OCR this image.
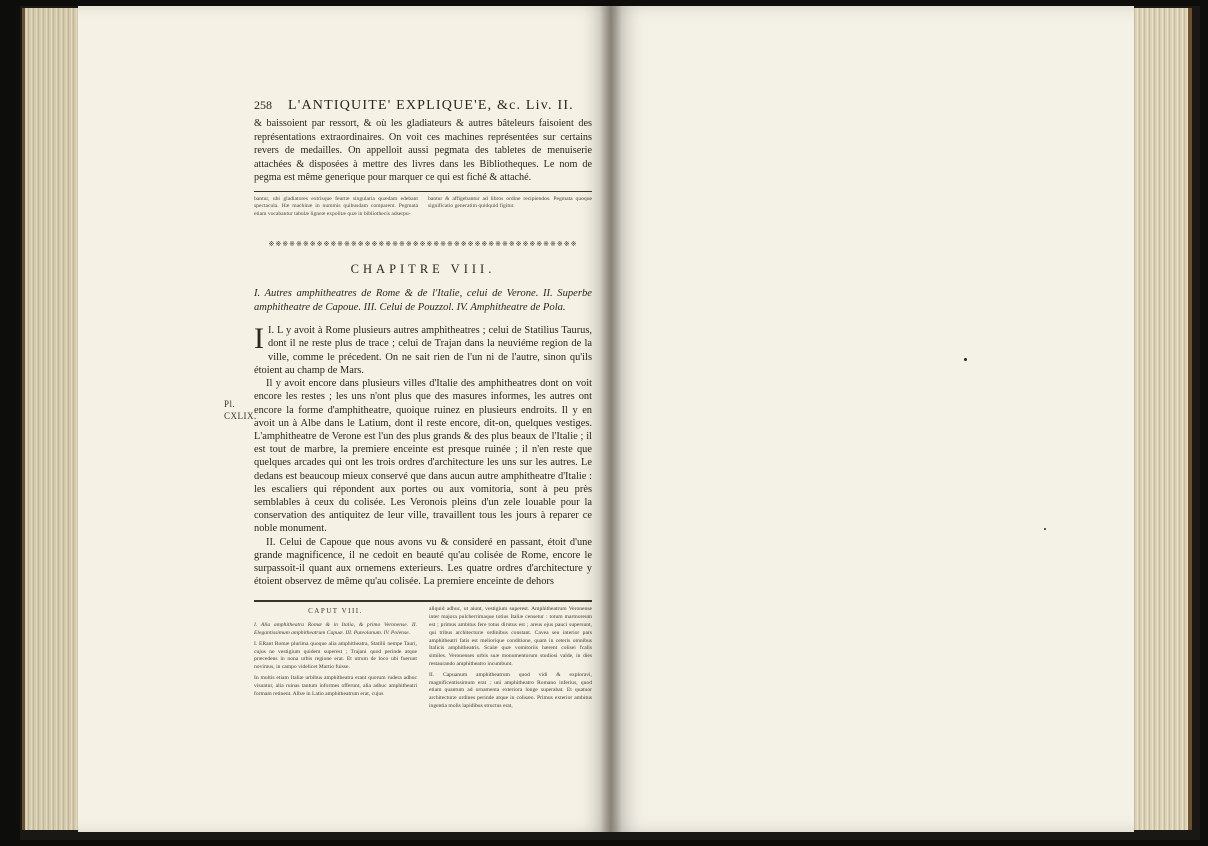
Pl.
CXLIX.
258 L'ANTIQUITE' EXPLIQUE'E, &c. Liv. II.

& baissoient par ressort, & où les gladiateurs & autres bâteleurs faisoient des représentations extraordinaires. On voit ces machines représentées sur certains revers de medailles. On appelloit aussi pegmata des tabletes de menuiserie attachées & disposées à mettre des livres dans les Bibliotheques. Le nom de pegma est même generique pour marquer ce qui est fiché & attaché.

bantur, ubi gladiatores extrisque feurtæ singularia quædam edebant spectacula. Hæ machinæ in nummis quibusdam comparent. Pegmata etiam vocabantur tabulæ ligneæ expolitæ quæ in bibliothecis adserpu-
bantur & affigebantur ad libros ordine recipiendos. Pegmata quoque significatio generatim quidquid figitur.
※※※※※※※※※※※※※※※※※※※※※※※※※※※※※※※※※※※※※※※※※※※※※
CHAPITRE VIII.
I. Autres amphitheatres de Rome & de l'Italie, celui de Verone. II. Superbe amphitheatre de Capoue. III. Celui de Pouzzol. IV. Amphitheatre de Pola.

I.
I L y avoit à Rome plusieurs autres amphitheatres ; celui de Statilius Taurus, dont il ne reste plus de trace ; celui de Trajan dans la neuviéme region de la ville, comme le précedent. On ne sait rien de l'un ni de l'autre, sinon qu'ils étoient au champ de Mars.

Il y avoit encore dans plusieurs villes d'Italie des amphitheatres dont on voit encore les restes ; les uns n'ont plus que des masures informes, les autres ont encore la forme d'amphitheatre, quoique ruinez en plusieurs endroits. Il y en avoit un à Albe dans le Latium, dont il reste encore, dit-on, quelques vestiges. L'amphitheatre de Verone est l'un des plus grands & des plus beaux de l'Italie ; il est tout de marbre, la premiere enceinte est presque ruinée ; il n'en reste que quelques arcades qui ont les trois ordres d'architecture les uns sur les autres. Le dedans est beaucoup mieux conservé que dans aucun autre amphitheatre d'Italie : les escaliers qui répondent aux portes ou aux vomitoria, sont à peu près semblables à ceux du colisée. Les Veronois pleins d'un zele louable pour la conservation des antiquitez de leur ville, travaillent tous les jours à reparer ce noble monument.

II. Celui de Capoue que nous avons vu & consideré en passant, étoit d'une grande magnificence, il ne cedoit en beauté qu'au colisée de Rome, encore le surpassoit-il quant aux ornemens exterieurs. Les quatre ordres d'architecture y étoient observez de même qu'au colisée. La premiere enceinte de dehors

CAPUT VIII.

I. Alia amphitheatra Romæ & in Italia, & primo Veronense. II. Elegantissimum amphitheatrum Capuæ. III. Puteolanum. IV. Polense.

I. ERant Romæ plurima quoque alia amphitheatra, Statilii nempe Tauri, cujus ne vestigium quidem superest ; Trajani quod perinde atque præcedens in nona urbis regione erat. Et utrum de loco ubi fuerunt novimus, in campo videlicet Martio fuisse.

In multis etiam Italiæ urbibus amphitheatra erant quorum rudera adhuc visuntur, alia ruinas tantum informes offerunt, alia adhuc amphitheatri formam retinent. Albæ in Latio amphitheatrum erat, cujus

aliquid adhuc, ut aiunt, vestigium superest. Amphitheatrum Veronense inter majora pulcherrimaque totius Italiæ censetur : totum marmoreum est ; primus ambitus fere totus dirutus est ; areus ejus pauci supersunt, qui tribus architecturæ ordinibus constant. Cavea seu interior pars amphitheatri fatis est meliorique conditione, quam in ceteris omnibus Italicis amphitheatris. Scalæ quæ vomitoriis hærent colisei fcalis similes. Veronenses urbis suæ monumentorum studiosi valde, in dies restaurando amphitheatro incumbunt.

II. Capuanum amphitheatrum quod vidi & exploravi, magnificentissimum erat ; uni amphitheatro Romano inferius, quod etiam quantum ad ornamenta exteriora longe superabat. Et quatuor architecturæ ordines perinde atque in colisæo. Primus exterior ambitus ingentia molis lapidibus structus erat,
